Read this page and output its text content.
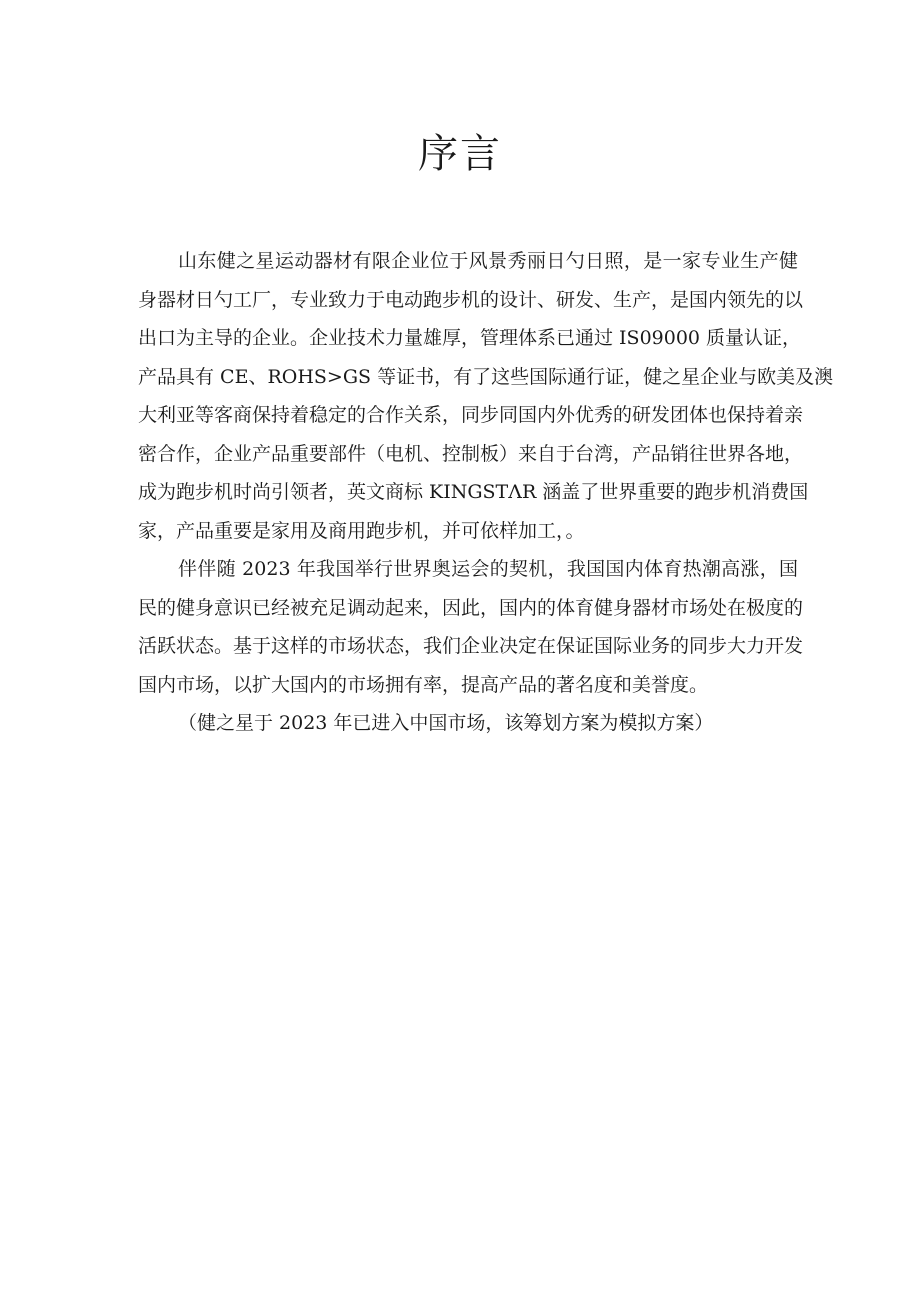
序言
山东健之星运动器材有限企业位于风景秀丽日勺日照，是一家专业生产健
身器材日勺工厂，专业致力于电动跑步机的设计、研发、生产，是国内领先的以
出口为主导的企业。企业技术力量雄厚，管理体系已通过 IS09000 质量认证，
产品具有 CE、ROHS>GS 等证书，有了这些国际通行证，健之星企业与欧美及澳
大利亚等客商保持着稳定的合作关系，同步同国内外优秀的研发团体也保持着亲
密合作，企业产品重要部件（电机、控制板）来自于台湾，产品销往世界各地，
成为跑步机时尚引领者，英文商标 KINGSTΛR 涵盖了世界重要的跑步机消费国
家，产品重要是家用及商用跑步机，并可依样加工，。
伴伴随 2023 年我国举行世界奥运会的契机，我国国内体育热潮高涨，国
民的健身意识已经被充足调动起来，因此，国内的体育健身器材市场处在极度的
活跃状态。基于这样的市场状态，我们企业决定在保证国际业务的同步大力开发
国内市场，以扩大国内的市场拥有率，提高产品的著名度和美誉度。
（健之星于 2023 年已进入中国市场，该筹划方案为模拟方案）
